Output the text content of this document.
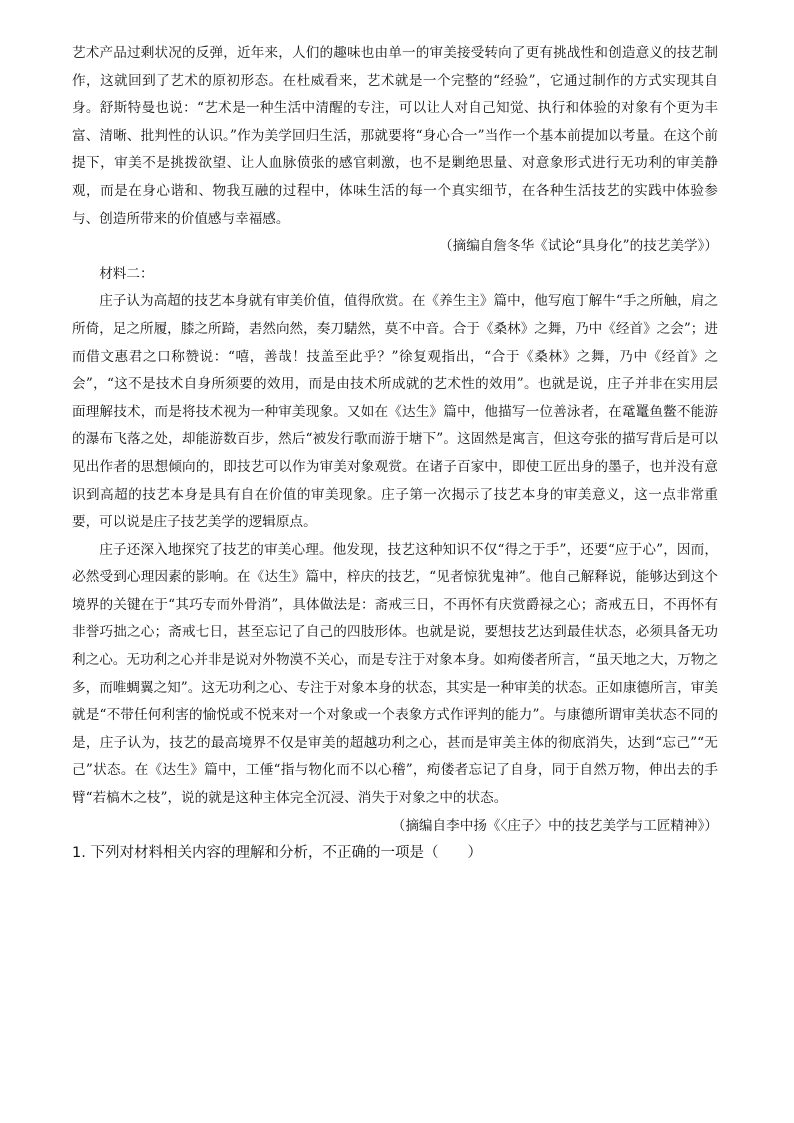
艺术产品过剩状况的反弹，近年来，人们的趣味也由单一的审美接受转向了更有挑战性和创造意义的技艺制作，这就回到了艺术的原初形态。在杜威看来，艺术就是一个完整的“经验”，它通过制作的方式实现其自身。舒斯特曼也说：“艺术是一种生活中清醒的专注，可以让人对自己知觉、执行和体验的对象有个更为丰富、清晰、批判性的认识。”作为美学回归生活，那就要将“身心合一”当作一个基本前提加以考量。在这个前提下，审美不是挑拨欲望、让人血脉偾张的感官刺激，也不是剿绝思量、对意象形式进行无功利的审美静观，而是在身心谐和、物我互融的过程中，体味生活的每一个真实细节，在各种生活技艺的实践中体验参与、创造所带来的价值感与幸福感。

（摘编自詹冬华《试论“具身化”的技艺美学》）

材料二：

庄子认为高超的技艺本身就有审美价值，值得欣赏。在《养生主》篇中，他写庖丁解牛“手之所触，肩之所倚，足之所履，膝之所踦，砉然向然，奏刀騞然，莫不中音。合于《桑林》之舞，乃中《经首》之会”；进而借文惠君之口称赞说：“嘻，善哉！技盖至此乎？”徐复观指出，“合于《桑林》之舞，乃中《经首》之会”，“这不是技术自身所须要的效用，而是由技术所成就的艺术性的效用”。也就是说，庄子并非在实用层面理解技术，而是将技术视为一种审美现象。又如在《达生》篇中，他描写一位善泳者，在鼋鼍鱼鳖不能游的瀑布飞落之处，却能游数百步，然后“被发行歌而游于塘下”。这固然是寓言，但这夸张的描写背后是可以见出作者的思想倾向的，即技艺可以作为审美对象观赏。在诸子百家中，即使工匠出身的墨子，也并没有意识到高超的技艺本身是具有自在价值的审美现象。庄子第一次揭示了技艺本身的审美意义，这一点非常重要，可以说是庄子技艺美学的逻辑原点。

庄子还深入地探究了技艺的审美心理。他发现，技艺这种知识不仅“得之于手”，还要“应于心”，因而，必然受到心理因素的影响。在《达生》篇中，梓庆的技艺，“见者惊犹鬼神”。他自己解释说，能够达到这个境界的关键在于“其巧专而外骨消”，具体做法是：斋戒三日，不再怀有庆赏爵禄之心；斋戒五日，不再怀有非誉巧拙之心；斋戒七日，甚至忘记了自己的四肢形体。也就是说，要想技艺达到最佳状态，必须具备无功利之心。无功利之心并非是说对外物漠不关心，而是专注于对象本身。如痀偻者所言，“虽天地之大，万物之多，而唯蜩翼之知”。这无功利之心、专注于对象本身的状态，其实是一种审美的状态。正如康德所言，审美就是“不带任何利害的愉悦或不悦来对一个对象或一个表象方式作评判的能力”。与康德所谓审美状态不同的是，庄子认为，技艺的最高境界不仅是审美的超越功利之心，甚而是审美主体的彻底消失，达到“忘己”“无己”状态。在《达生》篇中，工倕“指与物化而不以心稽”，痀偻者忘记了自身，同于自然万物，伸出去的手臂“若槁木之枝”，说的就是这种主体完全沉浸、消失于对象之中的状态。

（摘编自李中扬《〈庄子〉中的技艺美学与工匠精神》）

1. 下列对材料相关内容的理解和分析，不正确的一项是（　　）
